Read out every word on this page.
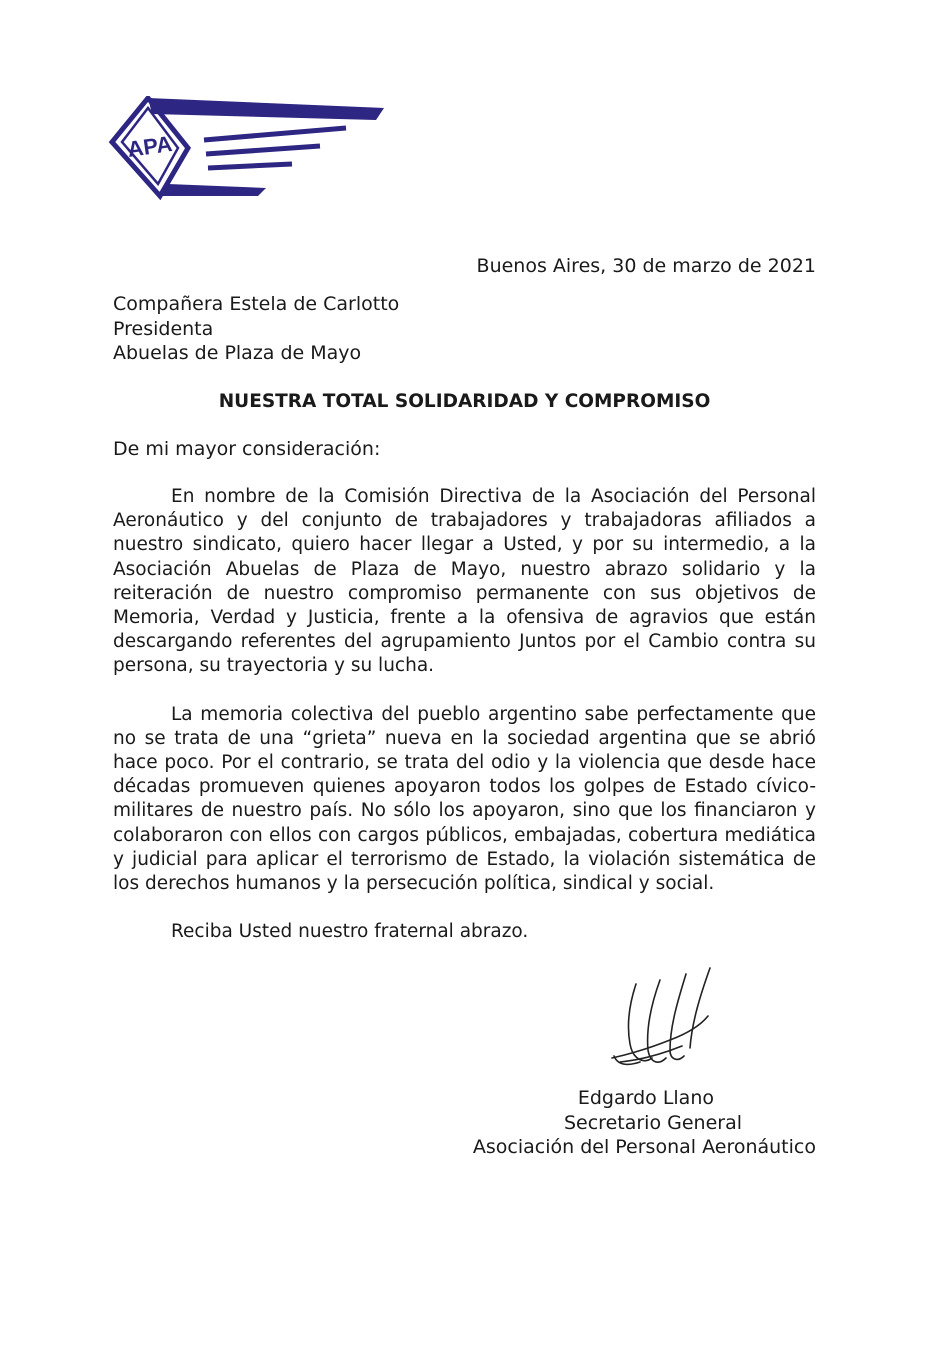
APA
Buenos Aires, 30 de marzo de 2021
Compañera Estela de Carlotto
Presidenta
Abuelas de Plaza de Mayo
NUESTRA TOTAL SOLIDARIDAD Y COMPROMISO
De mi mayor consideración:

En nombre de la Comisión Directiva de la Asociación del Personal Aeronáutico y del conjunto de trabajadores y trabajadoras afiliados a nuestro sindicato, quiero hacer llegar a Usted, y por su intermedio, a la Asociación Abuelas de Plaza de Mayo, nuestro abrazo solidario y la reiteración de nuestro compromiso permanente con sus objetivos de Memoria, Verdad y Justicia, frente a la ofensiva de agravios que están descargando referentes del agrupamiento Juntos por el Cambio contra su persona, su trayectoria y su lucha.

La memoria colectiva del pueblo argentino sabe perfectamente que no se trata de una “grieta” nueva en la sociedad argentina que se abrió hace poco. Por el contrario, se trata del odio y la violencia que desde hace décadas promueven quienes apoyaron todos los golpes de Estado cívico-militares de nuestro país. No sólo los apoyaron, sino que los financiaron y colaboraron con ellos con cargos públicos, embajadas, cobertura mediática y judicial para aplicar el terrorismo de Estado, la violación sistemática de los derechos humanos y la persecución política, sindical y social.

Reciba Usted nuestro fraternal abrazo.

Edgardo Llano
Secretario General
Asociación del Personal Aeronáutico
